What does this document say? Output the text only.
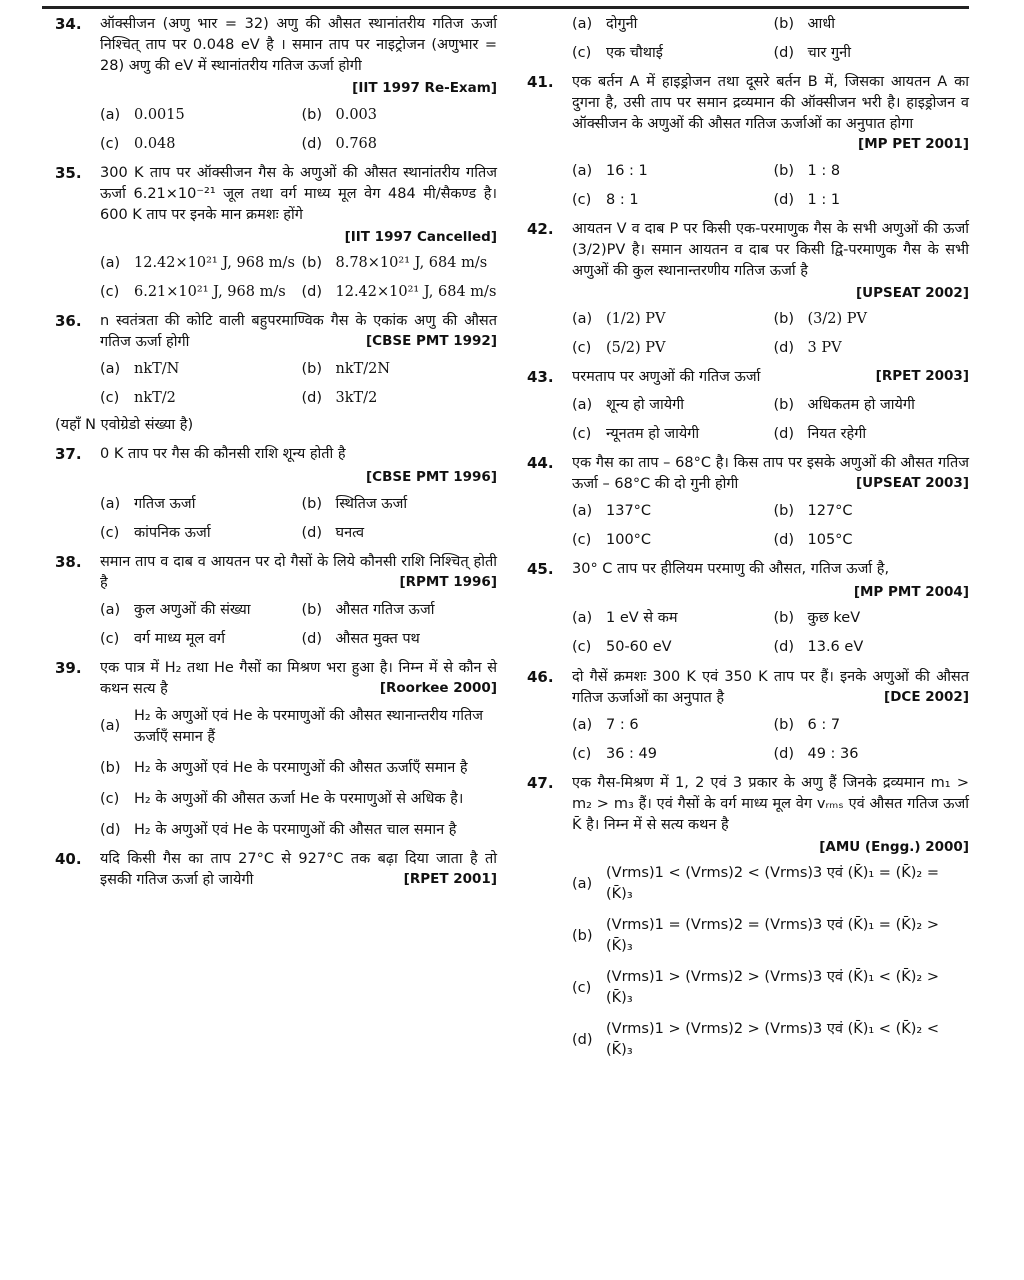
34.	ऑक्सीजन (अणु भार = 32) अणु की औसत स्थानांतरीय गतिज ऊर्जा निश्चित् ताप पर 0.048 eV है । समान ताप पर नाइट्रोजन (अणुभार = 28) अणु की eV में स्थानांतरीय गतिज ऊर्जा होगी
[IIT 1997 Re-Exam]
(a) 0.0015	(b) 0.003
(c)	0.048	(d) 0.768
35.	300 K ताप पर ऑक्सीजन गैस के अणुओं की औसत स्थानांतरीय गतिज ऊर्जा 6.21×10⁻²¹ जूल तथा वर्ग माध्य मूल वेग 484 मी/सैकण्ड है। 600 K ताप पर इनके मान क्रमशः होंगे
[IIT 1997 Cancelled]
(a) 12.42×10²¹ J, 968 m/s (b) 8.78×10²¹ J, 684 m/s
(c)	6.21×10²¹ J, 968 m/s (d) 12.42×10²¹ J, 684 m/s
36.	n स्वतंत्रता की कोटि वाली बहुपरमाण्विक गैस के एकांक अणु की औसत गतिज ऊर्जा होगी	[CBSE PMT 1992]
(a) nkT/N	(b) nkT/2N
(c)	nkT/2	(d) 3kT/2
(यहाँ N एवोग्रेडो संख्या है)
37.	0 K ताप पर गैस की कौनसी राशि शून्य होती है
[CBSE PMT 1996]
(a) गतिज ऊर्जा	(b) स्थितिज ऊर्जा
(c)	कांपनिक ऊर्जा	(d) घनत्व
38.	समान ताप व दाब व आयतन पर दो गैसों के लिये कौनसी राशि निश्चित् होती है	[RPMT 1996]
(a) कुल अणुओं की संख्या	(b) औसत गतिज ऊर्जा
(c)	वर्ग माध्य मूल वर्ग	(d) औसत मुक्त पथ
39.	एक पात्र में H₂ तथा He गैसों का मिश्रण भरा हुआ है। निम्न में से कौन से कथन सत्य है	[Roorkee 2000]
(a)
H₂ के अणुओं एवं He के परमाणुओं की औसत स्थानान्तरीय गतिज ऊर्जाएँ समान हैं
(b) H₂ के अणुओं एवं He के परमाणुओं की औसत ऊर्जाएँ समान है
(c)	H₂ के अणुओं की औसत ऊर्जा He के परमाणुओं से अधिक है।
(d) H₂ के अणुओं एवं He के परमाणुओं की औसत चाल समान है
40.	यदि किसी गैस का ताप 27°C से 927°C तक बढ़ा दिया जाता है तो इसकी गतिज ऊर्जा हो जायेगी	[RPET 2001]
(a) दोगुनी	(b) आधी
(c)	एक चौथाई	(d) चार गुनी
41.	एक बर्तन A में हाइड्रोजन तथा दूसरे बर्तन B में, जिसका आयतन A का दुगना है, उसी ताप पर समान द्रव्यमान की ऑक्सीजन भरी है। हाइड्रोजन व ऑक्सीजन के अणुओं की औसत गतिज ऊर्जाओं का अनुपात होगा
[MP PET 2001]
(a) 16 : 1	(b) 1 : 8
(c)	8 : 1	(d) 1 : 1
42.	आयतन V व दाब P पर किसी एक-परमाणुक गैस के सभी अणुओं की ऊर्जा (3/2)PV है। समान आयतन व दाब पर किसी द्वि-परमाणुक गैस के सभी अणुओं की कुल स्थानान्तरणीय गतिज ऊर्जा है
[UPSEAT 2002]
(a) (1/2) PV	(b) (3/2) PV
(c)	(5/2) PV	(d) 3 PV
43.	परमताप पर अणुओं की गतिज ऊर्जा	[RPET 2003]
(a) शून्य हो जायेगी	(b) अधिकतम हो जायेगी
(c)	न्यूनतम हो जायेगी	(d) नियत रहेगी
44.	एक गैस का ताप – 68°C है। किस ताप पर इसके अणुओं की औसत गतिज ऊर्जा – 68°C की दो गुनी होगी	[UPSEAT 2003]
(a) 137°C	(b) 127°C
(c)	100°C	(d) 105°C
45.	30° C ताप पर हीलियम परमाणु की औसत, गतिज ऊर्जा है,
[MP PMT 2004]
(a) 1 eV से कम	(b) कुछ keV
(c)	50-60 eV	(d) 13.6 eV
46.	दो गैसें क्रमशः 300 K एवं 350 K ताप पर हैं। इनके अणुओं की औसत गतिज ऊर्जाओं का अनुपात है	[DCE 2002]
(a) 7 : 6	(b) 6 : 7
(c)	36 : 49	(d) 49 : 36
47.	एक गैस-मिश्रण में 1, 2 एवं 3 प्रकार के अणु हैं जिनके द्रव्यमान m₁ > m₂ > m₃ हैं। एवं गैसों के वर्ग माध्य मूल वेग vᵣₘₛ एवं औसत गतिज ऊर्जा K̄ है। निम्न में से सत्य कथन है
[AMU (Engg.) 2000]
(a)
(Vrms)1 < (Vrms)2 < (Vrms)3 एवं (K̄)₁ = (K̄)₂ = (K̄)₃
(b)
(Vrms)1 = (Vrms)2 = (Vrms)3 एवं (K̄)₁ = (K̄)₂ > (K̄)₃
(c)
(Vrms)1 > (Vrms)2 > (Vrms)3 एवं (K̄)₁ < (K̄)₂ > (K̄)₃
(d)
(Vrms)1 > (Vrms)2 > (Vrms)3 एवं (K̄)₁ < (K̄)₂ < (K̄)₃
